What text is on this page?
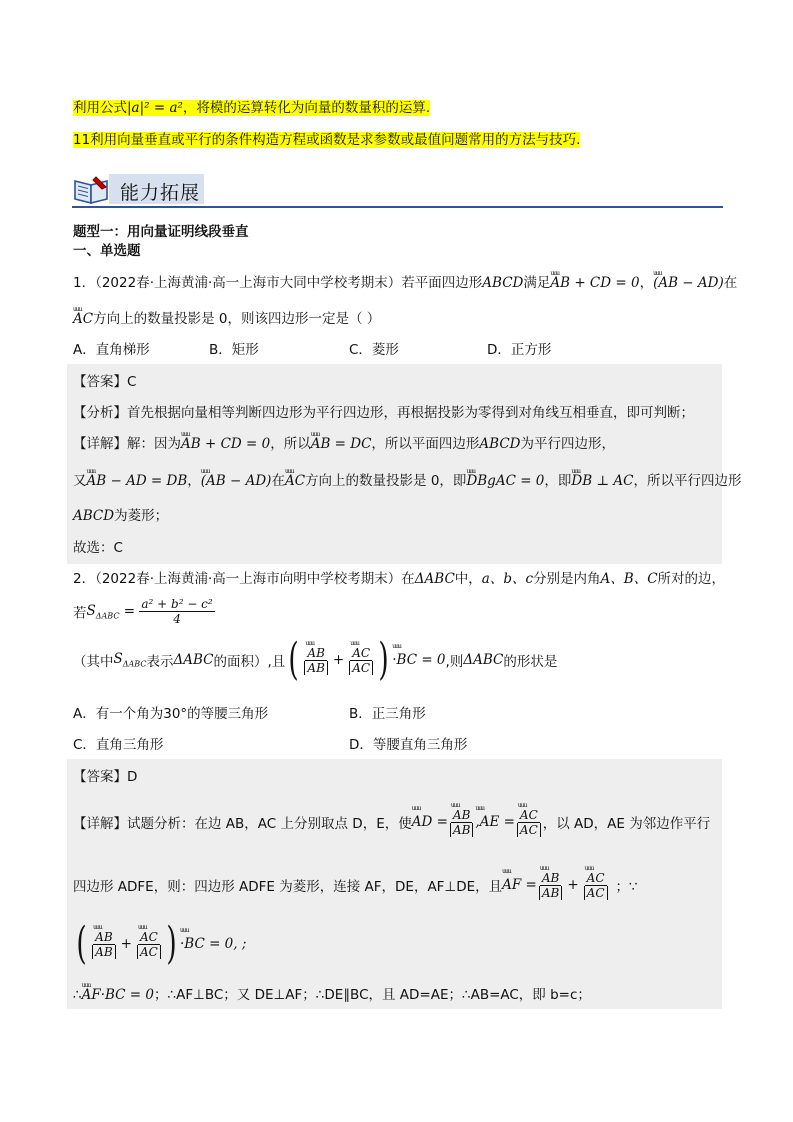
利用公式|a|² = a²，将模的运算转化为向量的数量积的运算.
11利用向量垂直或平行的条件构造方程或函数是求参数或最值问题常用的方法与技巧.
能力拓展
题型一：用向量证明线段垂直
一、单选题
1．（2022春·上海黄浦·高一上海市大同中学校考期末）若平面四边形ABCD满足uuu AB + CD = 0，uuu (AB − AD)在
uuu AC方向上的数量投影是 0，则该四边形一定是（ ）
A．直角梯形	B．矩形	C．菱形	D．正方形
【答案】C
【分析】首先根据向量相等判断四边形为平行四边形，再根据投影为零得到对角线互相垂直，即可判断；
【详解】解：因为uuu AB + CD = 0，所以uuu AB = DC，所以平面四边形ABCD为平行四边形，
又uuu AB − AD = DB，uuu (AB − AD)在uuu AC方向上的数量投影是 0，即uuu DBgAC = 0，即uuu DB ⊥ AC，所以平行四边形
ABCD为菱形；
故选：C
2．（2022春·上海黄浦·高一上海市向明中学校考期末）在ΔABC中，a、b、c分别是内角A、B、C所对的边，
若$S_{\Delta ABC} = \frac{\text{a² + b² − c²}}{4}$
（其中 $S_{\Delta ABC}$ 表示 ΔABC 的面积）,且 ( uuu $\frac{AB}{AB}$ + uuu $\frac{AC}{AC}$ ) uuu ·BC = 0 ,则 ΔABC 的形状是
A．有一个角为30°的等腰三角形	B．正三角形
C．直角三角形	D．等腰直角三角形
【答案】D
【详解】试题分析：在边 AB，AC 上分别取点 D，E，使 uuu AD = uuu $\frac{AB}{AB}$ uuu ,AE = uuu $\frac{AC}{AC}$ ，以 AD，AE 为邻边作平行
四边形 ADFE，则：四边形 ADFE 为菱形，连接 AF，DE，AF⊥DE，且 uuu AF = uuu $\frac{AB}{AB}$ + uuu $\frac{AC}{AC}$ ；∵
( uuu $\frac{AB}{AB}$ + uuu $\frac{AC}{AC}$ ) uuu ·BC = 0, ;
∴uuu AF·BC = 0；∴AF⊥BC；又 DE⊥AF；∴DE∥BC，且 AD=AE；∴AB=AC，即 b=c；
